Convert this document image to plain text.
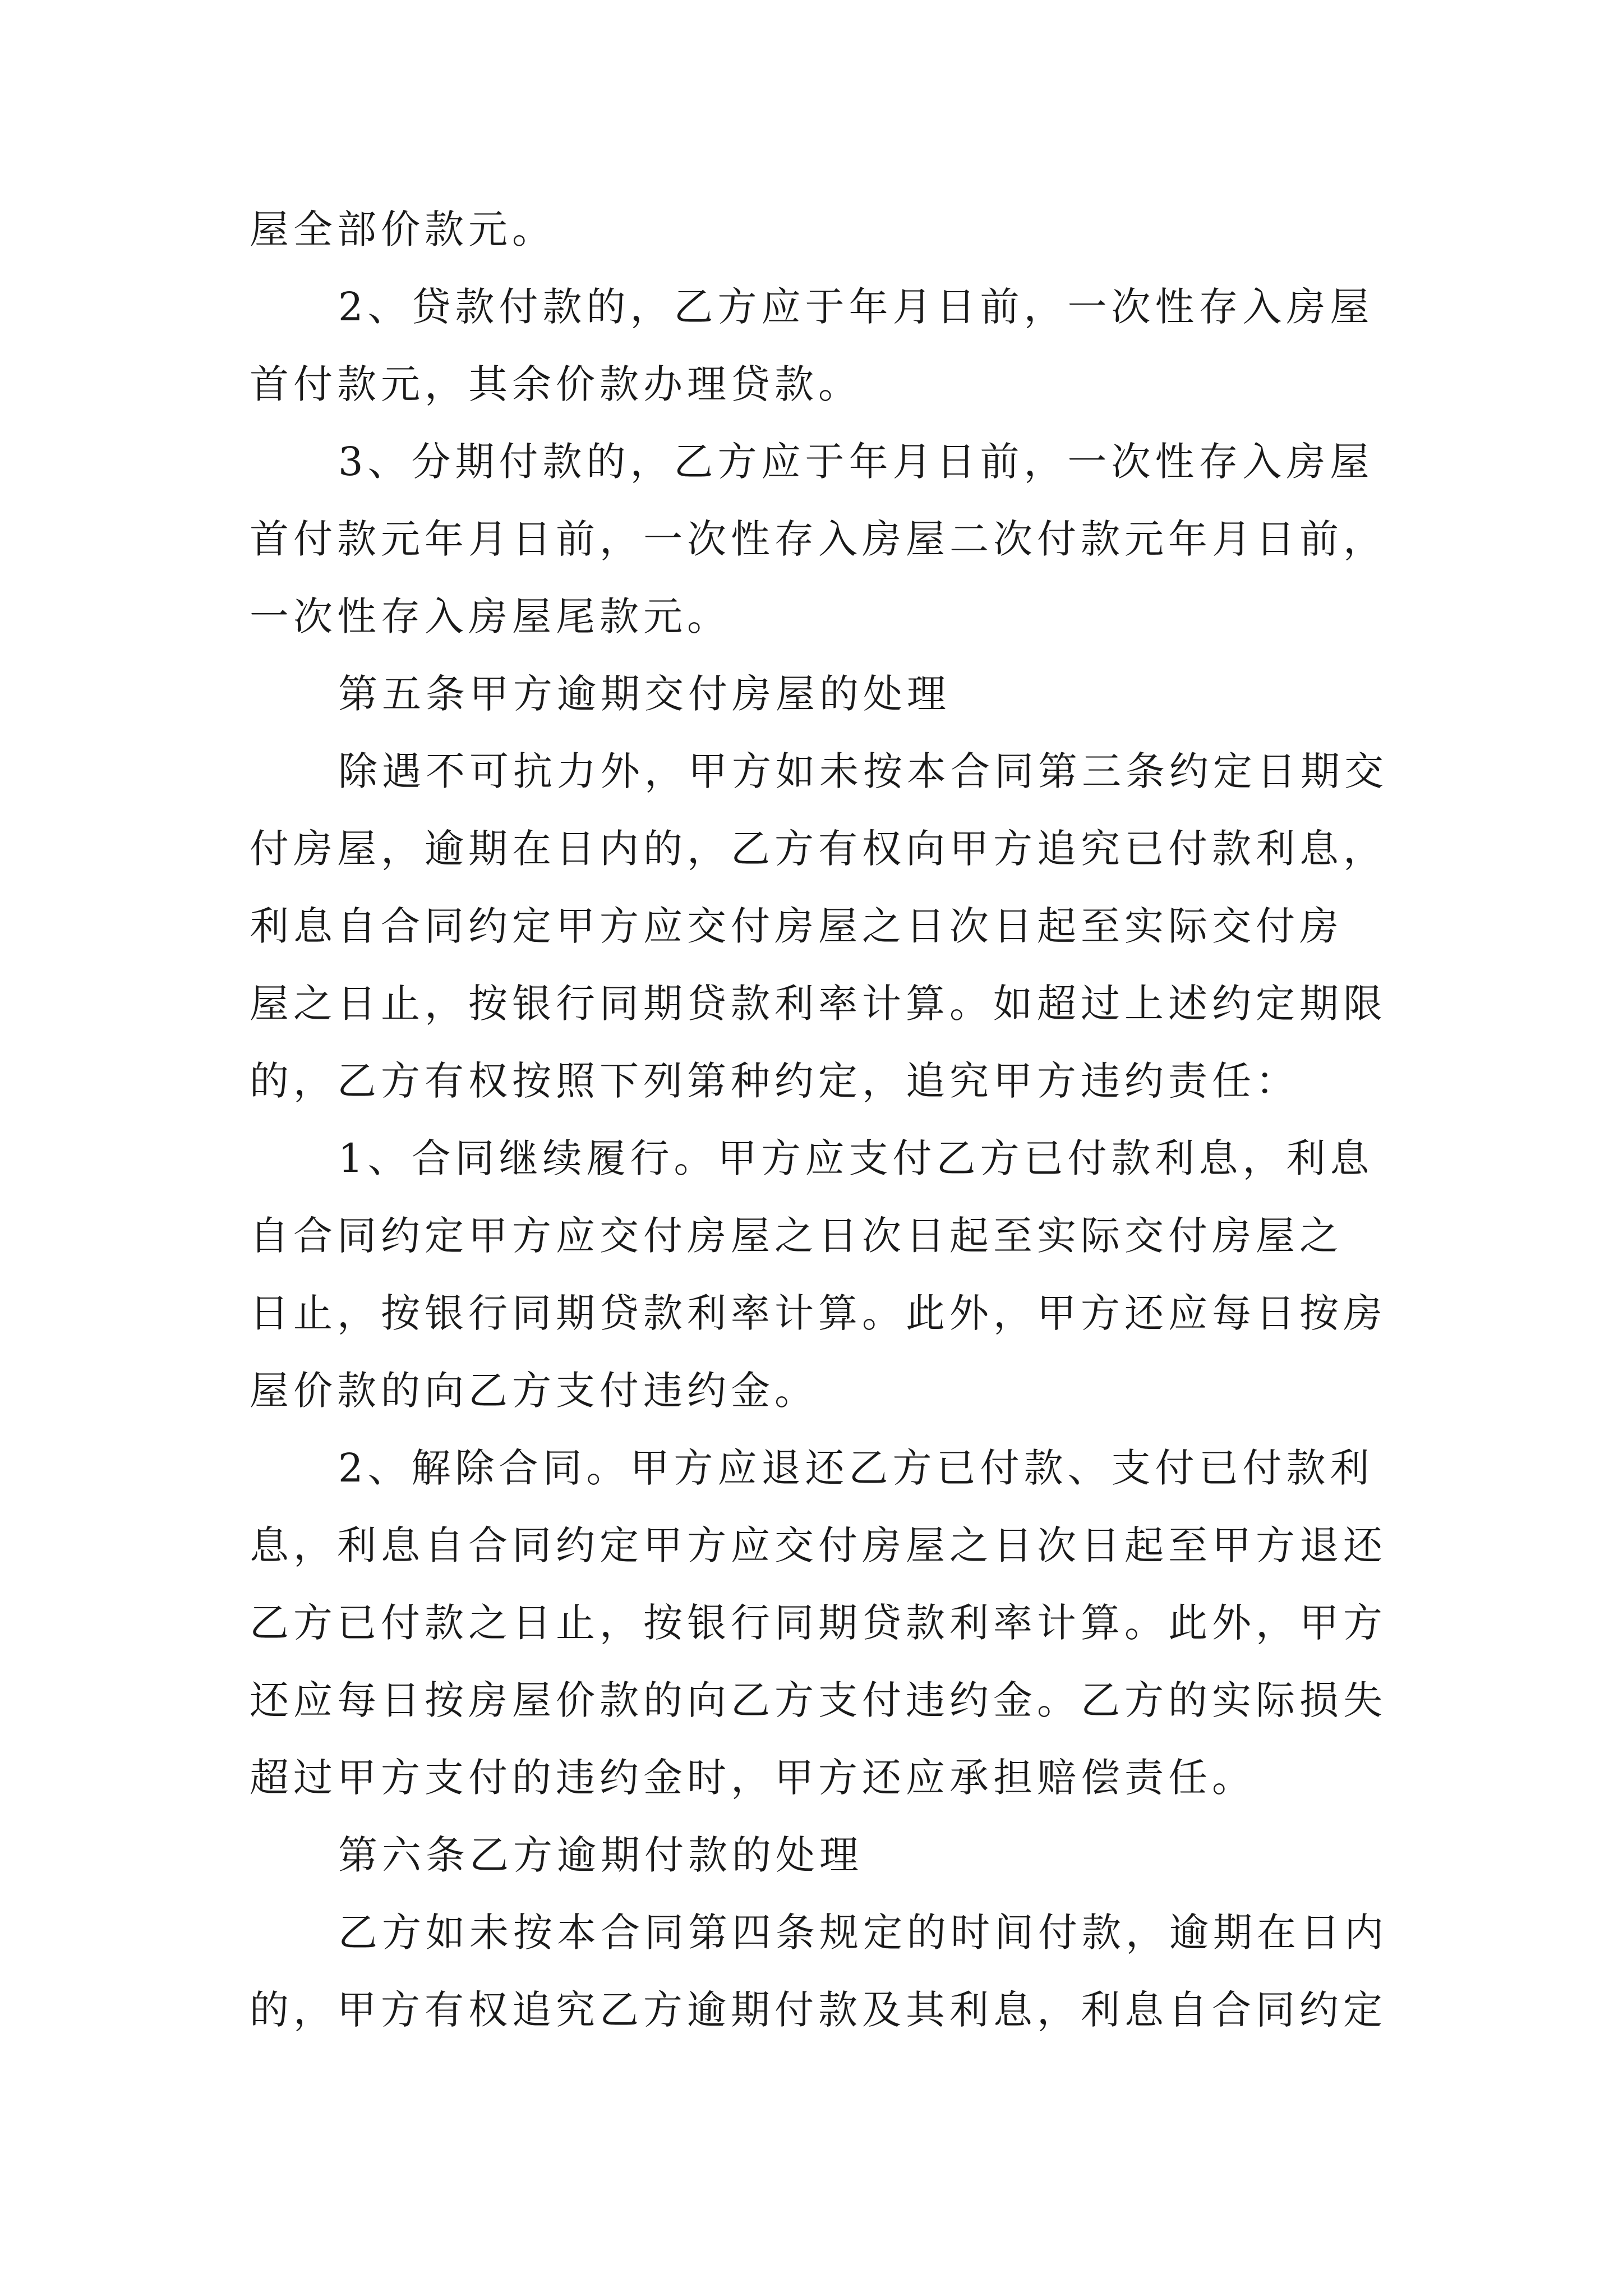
屋全部价款元。
2、贷款付款的，乙方应于年月日前，一次性存入房屋
首付款元，其余价款办理贷款。
3、分期付款的，乙方应于年月日前，一次性存入房屋
首付款元年月日前，一次性存入房屋二次付款元年月日前，
一次性存入房屋尾款元。
第五条甲方逾期交付房屋的处理
除遇不可抗力外，甲方如未按本合同第三条约定日期交
付房屋，逾期在日内的，乙方有权向甲方追究已付款利息，
利息自合同约定甲方应交付房屋之日次日起至实际交付房
屋之日止，按银行同期贷款利率计算。如超过上述约定期限
的，乙方有权按照下列第种约定，追究甲方违约责任：
1、合同继续履行。甲方应支付乙方已付款利息，利息
自合同约定甲方应交付房屋之日次日起至实际交付房屋之
日止，按银行同期贷款利率计算。此外，甲方还应每日按房
屋价款的向乙方支付违约金。
2、解除合同。甲方应退还乙方已付款、支付已付款利
息，利息自合同约定甲方应交付房屋之日次日起至甲方退还
乙方已付款之日止，按银行同期贷款利率计算。此外，甲方
还应每日按房屋价款的向乙方支付违约金。乙方的实际损失
超过甲方支付的违约金时，甲方还应承担赔偿责任。
第六条乙方逾期付款的处理
乙方如未按本合同第四条规定的时间付款，逾期在日内
的，甲方有权追究乙方逾期付款及其利息，利息自合同约定
